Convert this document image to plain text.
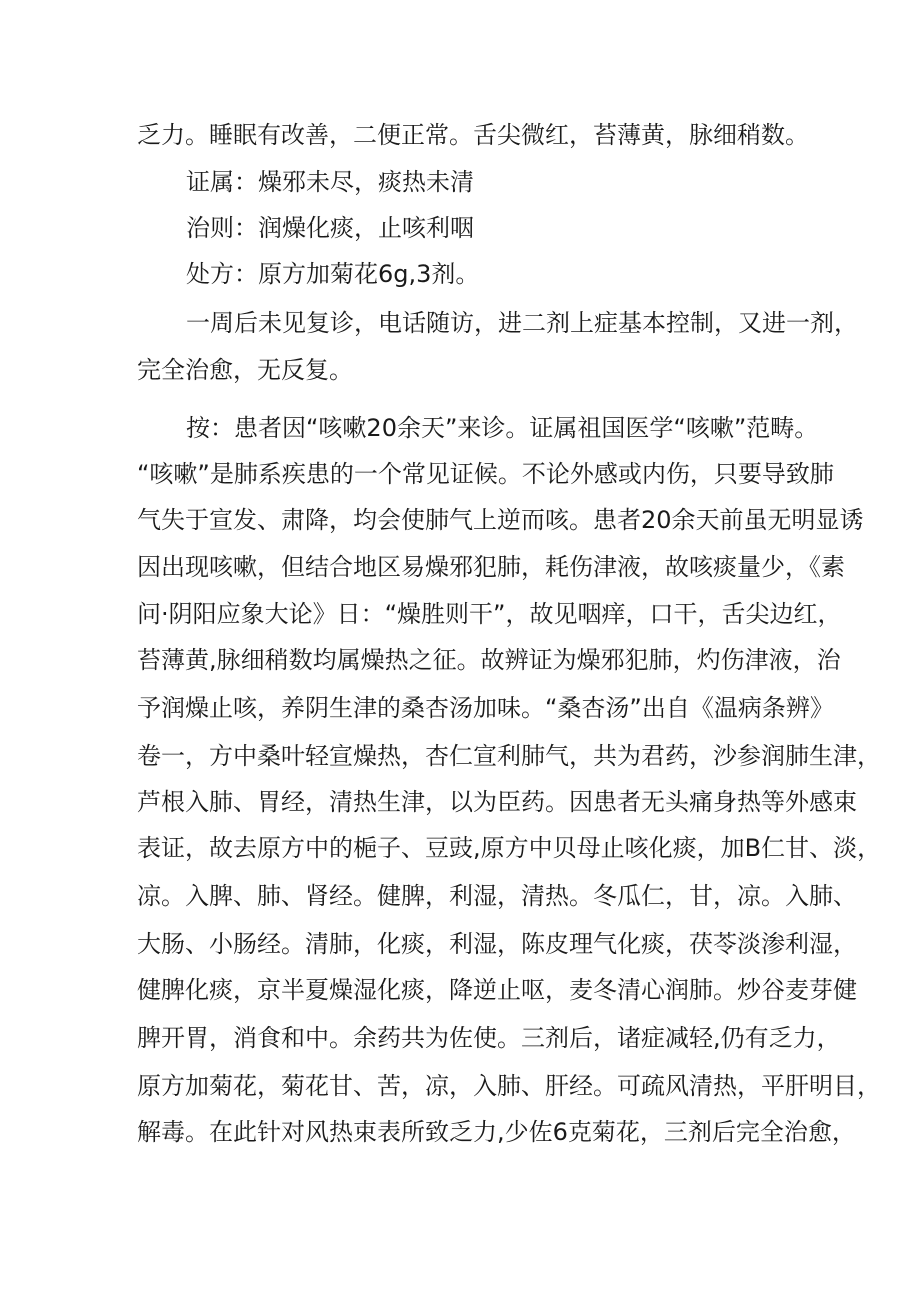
乏力。睡眠有改善，二便正常。舌尖微红，苔薄黄，脉细稍数。

证属：燥邪未尽，痰热未清

治则：润燥化痰，止咳利咽

处方：原方加菊花6g,3剂。

一周后未见复诊，电话随访，进二剂上症基本控制，又进一剂，

完全治愈，无反复。

按：患者因“咳嗽20余天”来诊。证属祖国医学“咳嗽”范畴。

“咳嗽”是肺系疾患的一个常见证候。不论外感或内伤，只要导致肺

气失于宣发、肃降，均会使肺气上逆而咳。患者20余天前虽无明显诱

因出现咳嗽，但结合地区易燥邪犯肺，耗伤津液，故咳痰量少，《素

问·阴阳应象大论》日：“燥胜则干”，故见咽痒，口干，舌尖边红，

苔薄黄,脉细稍数均属燥热之征。故辨证为燥邪犯肺，灼伤津液，治

予润燥止咳，养阴生津的桑杏汤加味。“桑杏汤”出自《温病条辨》

卷一，方中桑叶轻宣燥热，杏仁宣利肺气，共为君药，沙参润肺生津，

芦根入肺、胃经，清热生津，以为臣药。因患者无头痛身热等外感束

表证，故去原方中的梔子、豆豉,原方中贝母止咳化痰，加B仁甘、淡，

凉。入脾、肺、肾经。健脾，利湿，清热。冬瓜仁，甘，凉。入肺、

大肠、小肠经。清肺，化痰，利湿，陈皮理气化痰，茯苓淡渗利湿，

健脾化痰，京半夏燥湿化痰，降逆止呕，麦冬清心润肺。炒谷麦芽健

脾开胃，消食和中。余药共为佐使。三剂后，诸症减轻,仍有乏力，

原方加菊花，菊花甘、苦，凉，入肺、肝经。可疏风清热，平肝明目，

解毒。在此针对风热束表所致乏力,少佐6克菊花，三剂后完全治愈，
